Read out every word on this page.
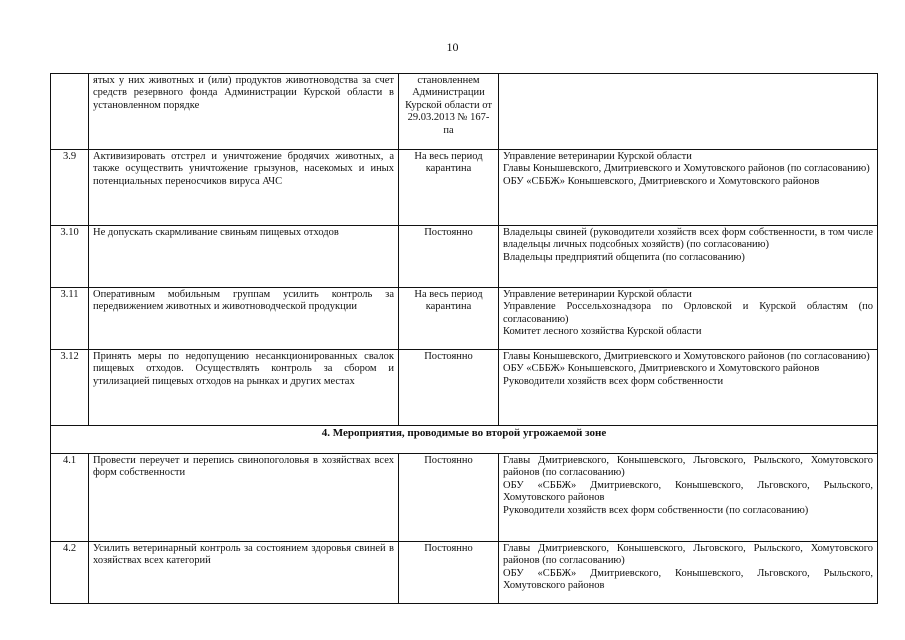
10
	ятых у них животных и (или) продуктов животноводства за счет средств резервного фонда Администрации Курской области в установленном порядке	становленнем Администрации Курской области от 29.03.2013 № 167-па	
3.9	Активизировать отстрел и уничтожение бродячих животных, а также осуществить уничтожение грызунов, насекомых и иных потенциальных переносчиков вируса АЧС	На весь период карантина	Управление ветеринарии Курской области
Главы Конышевского, Дмитриевского и Хомутовского районов (по согласованию)
ОБУ «СББЖ» Конышевского, Дмитриевского и Хомутовского районов

3.10	Не допускать скармливание свиньям пищевых отходов	Постоянно	Владельцы свиней (руководители хозяйств всех форм собственности, в том числе владельцы личных подсобных хозяйств) (по согласованию)
Владельцы предприятий общепита (по согласованию)

3.11	Оперативным мобильным группам усилить контроль за передвижением животных и животноводческой продукции	На весь период карантина	Управление ветеринарии Курской области
Управление Россельхознадзора по Орловской и Курской областям (по согласованию)
Комитет лесного хозяйства Курской области

3.12	Принять меры по недопущению несанкционированных свалок пищевых отходов. Осуществлять контроль за сбором и утилизацией пищевых отходов на рынках и других местах	Постоянно	Главы Конышевского, Дмитриевского и Хомутовского районов (по согласованию)
ОБУ «СББЖ» Конышевского, Дмитриевского и Хомутовского районов
Руководители хозяйств всех форм собственности

4. Мероприятия, проводимые во второй угрожаемой зоне			
4.1	Провести переучет и перепись свинопоголовья в хозяйствах всех форм собственности	Постоянно	Главы Дмитриевского, Конышевского, Льговского, Рыльского, Хомутовского районов (по согласованию)
ОБУ «СББЖ» Дмитриевского, Конышевского, Льговского, Рыльского, Хомутовского районов
Руководители хозяйств всех форм собственности (по согласованию)

4.2	Усилить ветеринарный контроль за состоянием здоровья свиней в хозяйствах всех категорий	Постоянно	Главы Дмитриевского, Конышевского, Льговского, Рыльского, Хомутовского районов (по согласованию)
ОБУ «СББЖ» Дмитриевского, Конышевского, Льговского, Рыльского, Хомутовского районов
